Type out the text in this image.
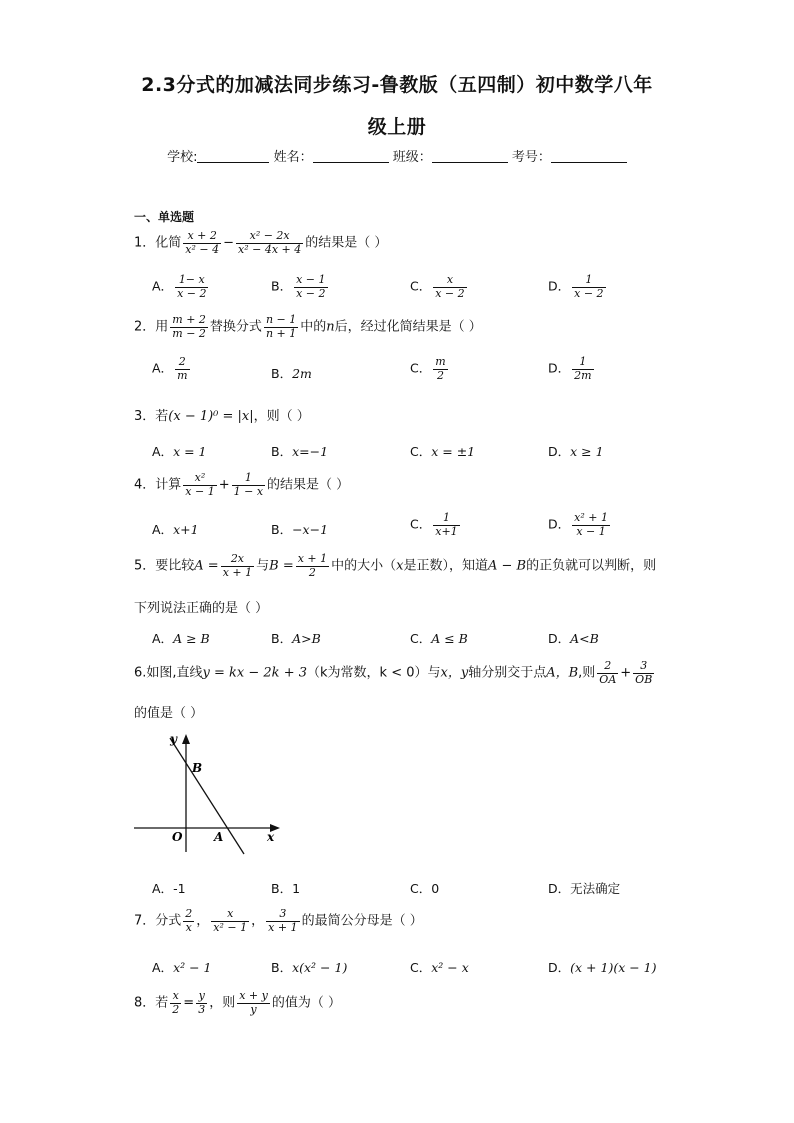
2.3分式的加减法同步练习-鲁教版（五四制）初中数学八年
级上册
学校:	姓名：	班级：	考号：
一、单选题
1．化简 $\frac{x + 2}{\text{x² − 4}} - \frac{\text{x² − 2x}}{\text{x² − 4x + 4}}$ 的结果是（ ）
A． $\frac{1- x}{x - 2}$	B． $\frac{x - 1}{x - 2}$	C． $\frac{x}{x - 2}$	D． $\frac{1}{x - 2}$
2．用 $\frac{m + 2}{m - 2}$ 替换分式 $\frac{n - 1}{n + 1}$ 中的n后，经过化简结果是（ ）
A． $\frac{2}{m}$	B．2m	C． $\frac{m}{2}$	D． $\frac{1}{2m}$
3．若(x − 1)⁰ = |x|，则（ ）
A．x = 1	B．x=−1	C．x = ±1	D．x ≥ 1
4．计算 $\frac{\text{x²}}{x - 1} + \frac{1}{1 - x}$ 的结果是（ ）
A．x+1	B．−x−1	C． $\frac{1}{x+1}$	D． $\frac{\text{x² + 1}}{x - 1}$
5．要比较$A = \frac{2x}{x + 1}$ 与$B = \frac{x + 1}{2}$ 中的大小（x是正数），知道A − B的正负就可以判断，则
下列说法正确的是（ ）
A．A ≥ B	B．A>B	C．A ≤ B	D．A<B
6.如图,直线y = kx − 2k + 3（k为常数，k < 0）与x，y轴分别交于点A，B,则 $\frac{2}{OA} + \frac{3}{OB}$
的值是（ ）
y
x
O	A
B
A．-1	B．1	C．0	D．无法确定
7．分式 $\frac{2}{x}$ ， $\frac{x}{\text{x² − 1}}$ ， $\frac{3}{x + 1}$ 的最简公分母是（ ）
A．x² − 1	B．x(x² − 1)	C．x² − x	D．(x + 1)(x − 1)
8．若 $\frac{x}{2} = \frac{y}{3}$ ，则 $\frac{x + y}{y}$ 的值为（ ）
